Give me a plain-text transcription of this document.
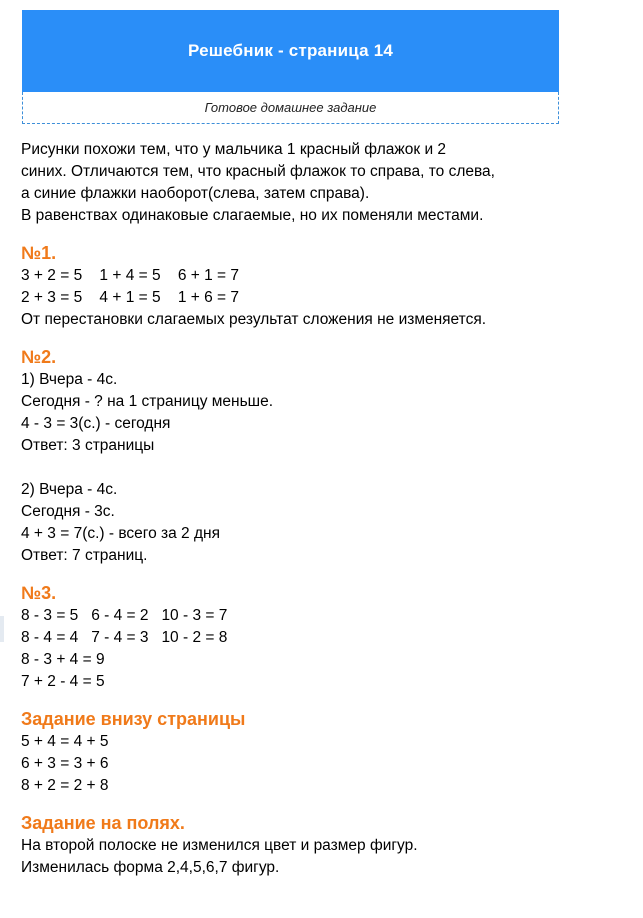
Решебник - страница 14
Готовое домашнее задание
Рисунки похожи тем, что у мальчика 1 красный флажок и 2
синих. Отличаются тем, что красный флажок то справа, то слева,
а синие флажки наоборот(слева, затем справа).
В равенствах одинаковые слагаемые, но их поменяли местами.
№1.
3 + 2 = 5    1 + 4 = 5    6 + 1 = 7
2 + 3 = 5    4 + 1 = 5    1 + 6 = 7
От перестановки слагаемых результат сложения не изменяется.
№2.
1) Вчера - 4с.
Сегодня - ? на 1 страницу меньше.
4 - 3 = 3(с.) - сегодня
Ответ: 3 страницы
2) Вчера - 4с.
Сегодня - 3с.
4 + 3 = 7(с.) - всего за 2 дня
Ответ: 7 страниц.
№3.
8 - 3 = 5   6 - 4 = 2   10 - 3 = 7
8 - 4 = 4   7 - 4 = 3   10 - 2 = 8
8 - 3 + 4 = 9
7 + 2 - 4 = 5
Задание внизу страницы
5 + 4 = 4 + 5
6 + 3 = 3 + 6
8 + 2 = 2 + 8
Задание на полях.
На второй полоске не изменился цвет и размер фигур.
Изменилась форма 2,4,5,6,7 фигур.
